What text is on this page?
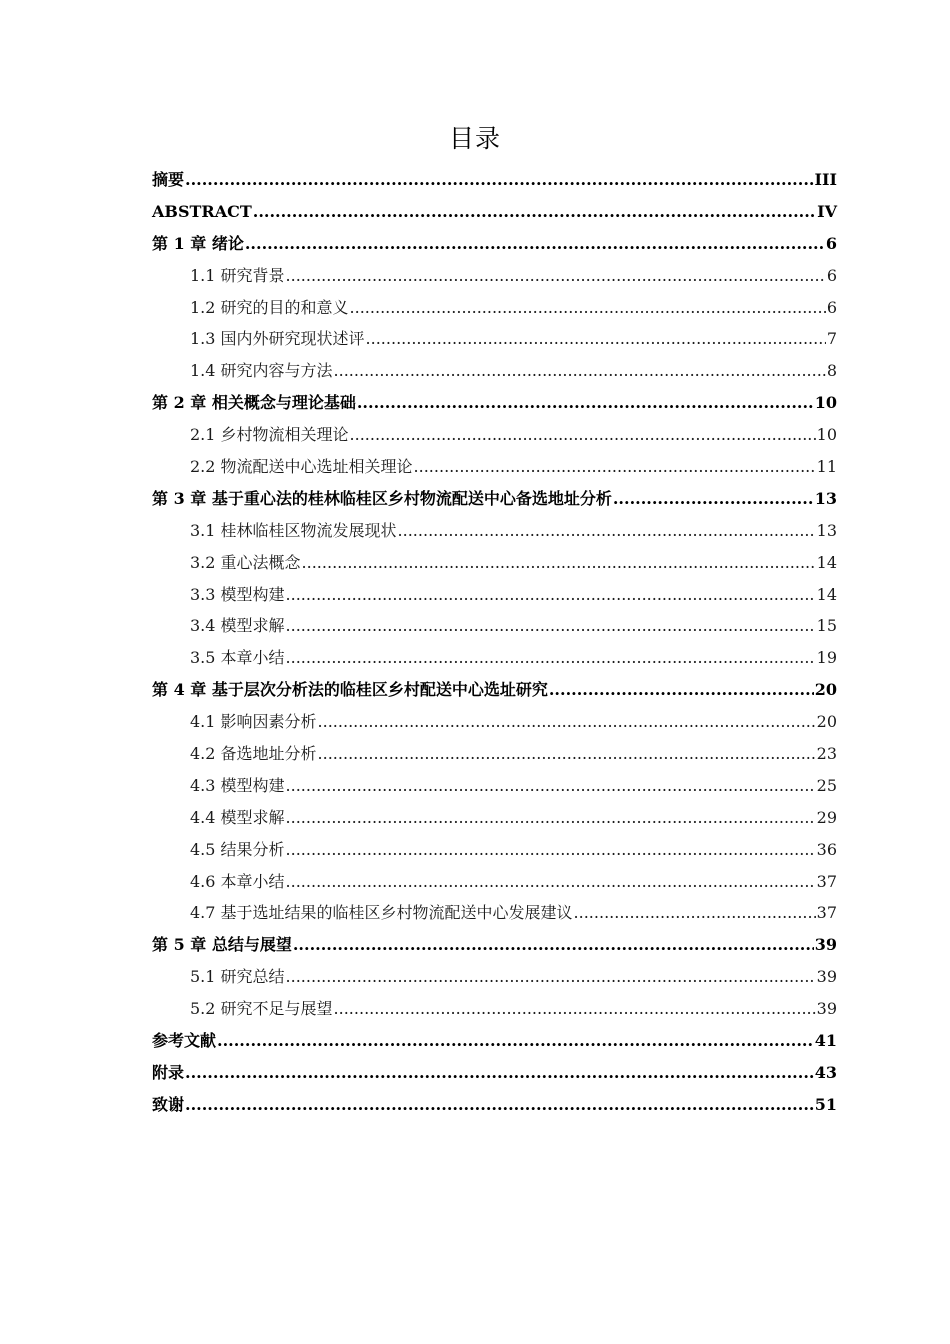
目录
摘要 .....	III
ABSTRACT .....	IV
第 1 章 绪论 .....	6
1.1 研究背景 .....	6
1.2 研究的目的和意义 .....	6
1.3 国内外研究现状述评 .....	7
1.4 研究内容与方法 .....	8
第 2 章 相关概念与理论基础 .....	10
2.1 乡村物流相关理论 .....	10
2.2 物流配送中心选址相关理论 .....	11
第 3 章 基于重心法的桂林临桂区乡村物流配送中心备选地址分析 .....	13
3.1 桂林临桂区物流发展现状 .....	13
3.2 重心法概念 .....	14
3.3 模型构建 .....	14
3.4 模型求解 .....	15
3.5 本章小结 .....	19
第 4 章 基于层次分析法的临桂区乡村配送中心选址研究 .....	20
4.1 影响因素分析 .....	20
4.2 备选地址分析 .....	23
4.3 模型构建 .....	25
4.4 模型求解 .....	29
4.5 结果分析 .....	36
4.6 本章小结 .....	37
4.7 基于选址结果的临桂区乡村物流配送中心发展建议 .....	37
第 5 章 总结与展望 .....	39
5.1 研究总结 .....	39
5.2 研究不足与展望 .....	39
参考文献 .....	41
附录 .....	43
致谢 .....	51
